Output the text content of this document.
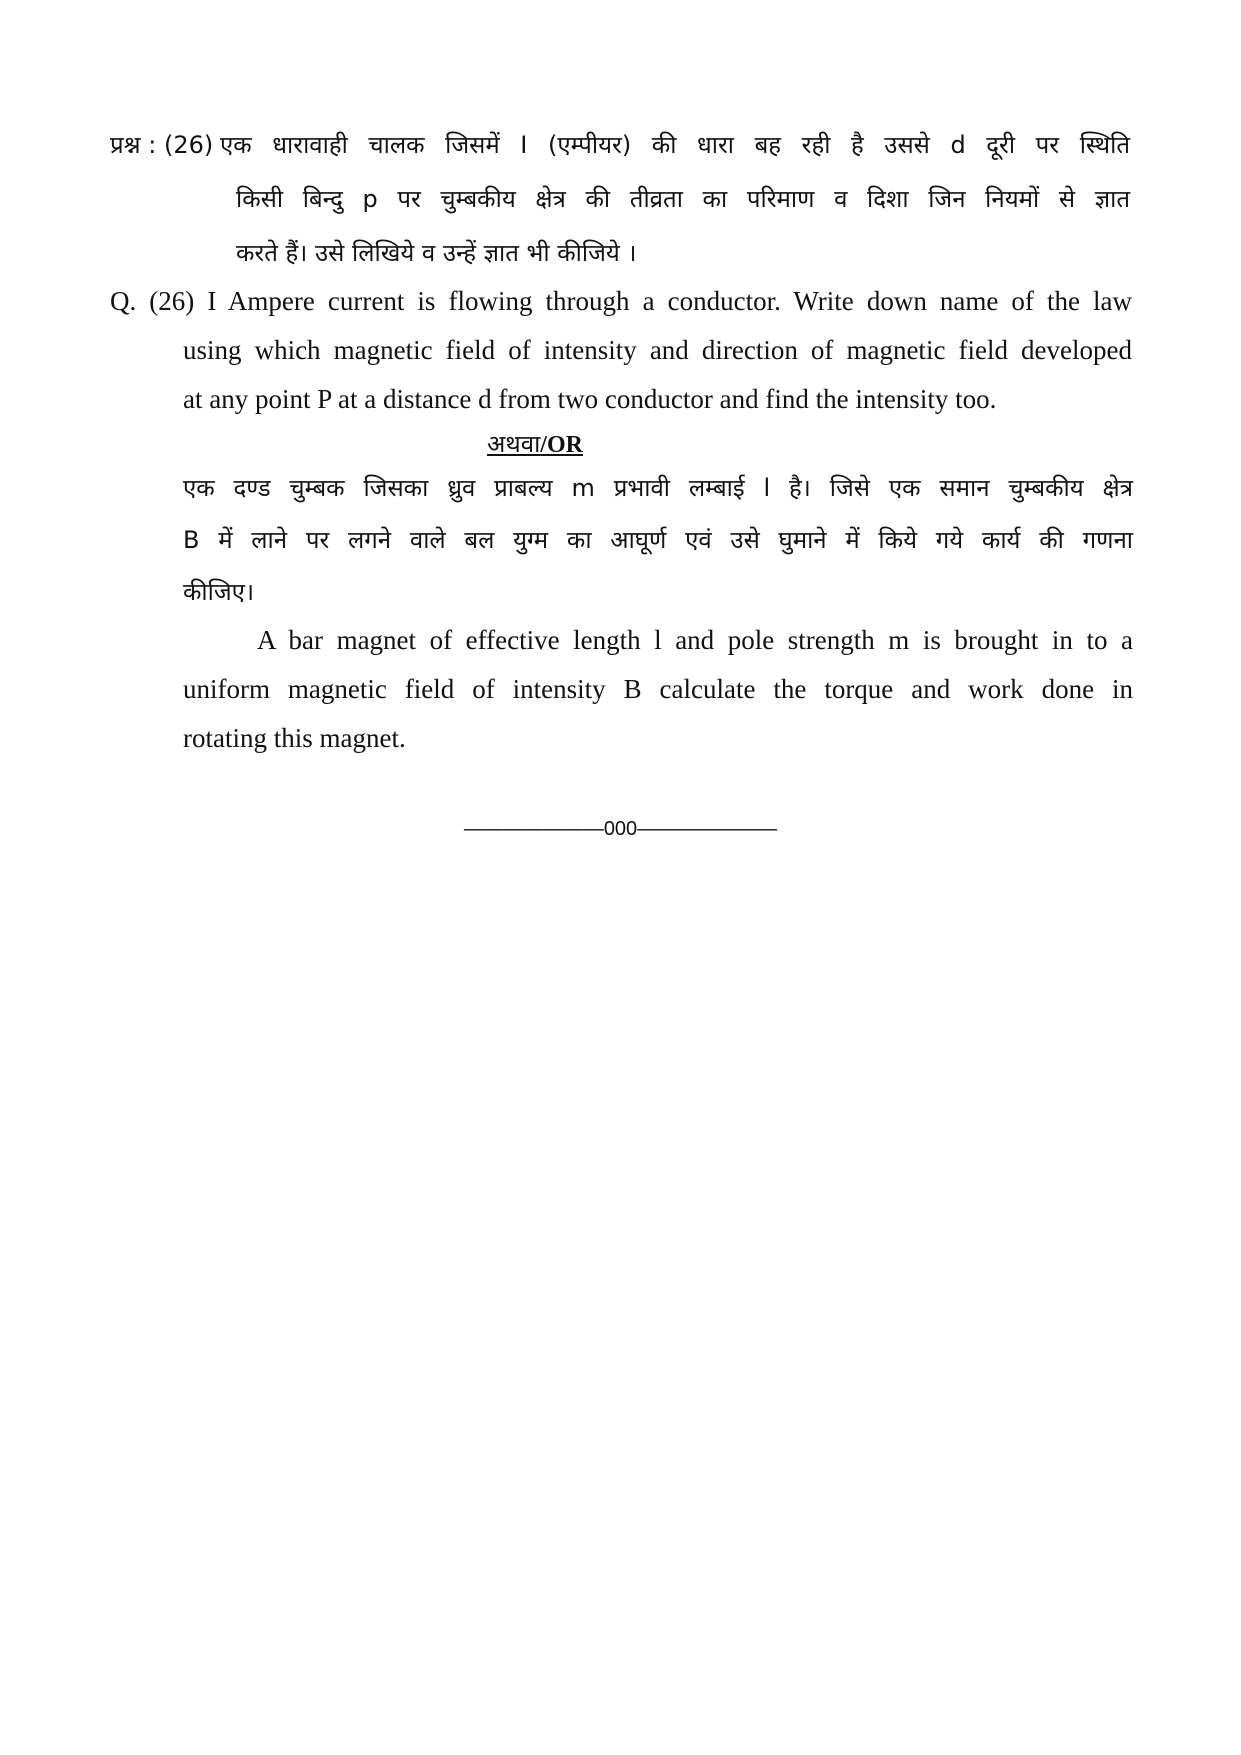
प्रश्न : (26) एक धारावाही चालक जिसमें I (एम्पीयर) की धारा बह रही है उससे d दूरी पर स्थिति
किसी बिन्दु p पर चुम्बकीय क्षेत्र की तीव्रता का परिमाण व दिशा जिन नियमों से ज्ञात
करते हैं। उसे लिखिये व उन्हें ज्ञात भी कीजिये ।
Q. (26) I Ampere current is flowing through a conductor. Write down name of the law
using which magnetic field of intensity and direction of magnetic field developed
at any point P at a distance d from two conductor and find the intensity too.
अथवा/OR
एक दण्ड चुम्बक जिसका ध्रुव प्राबल्य m प्रभावी लम्बाई l है। जिसे एक समान चुम्बकीय क्षेत्र
B में लाने पर लगने वाले बल युग्म का आघूर्ण एवं उसे घुमाने में किये गये कार्य की गणना
कीजिए।
A bar magnet of effective length l and pole strength m is brought in to a
uniform magnetic field of intensity B calculate the torque and work done in
rotating this magnet.
———————000———————
